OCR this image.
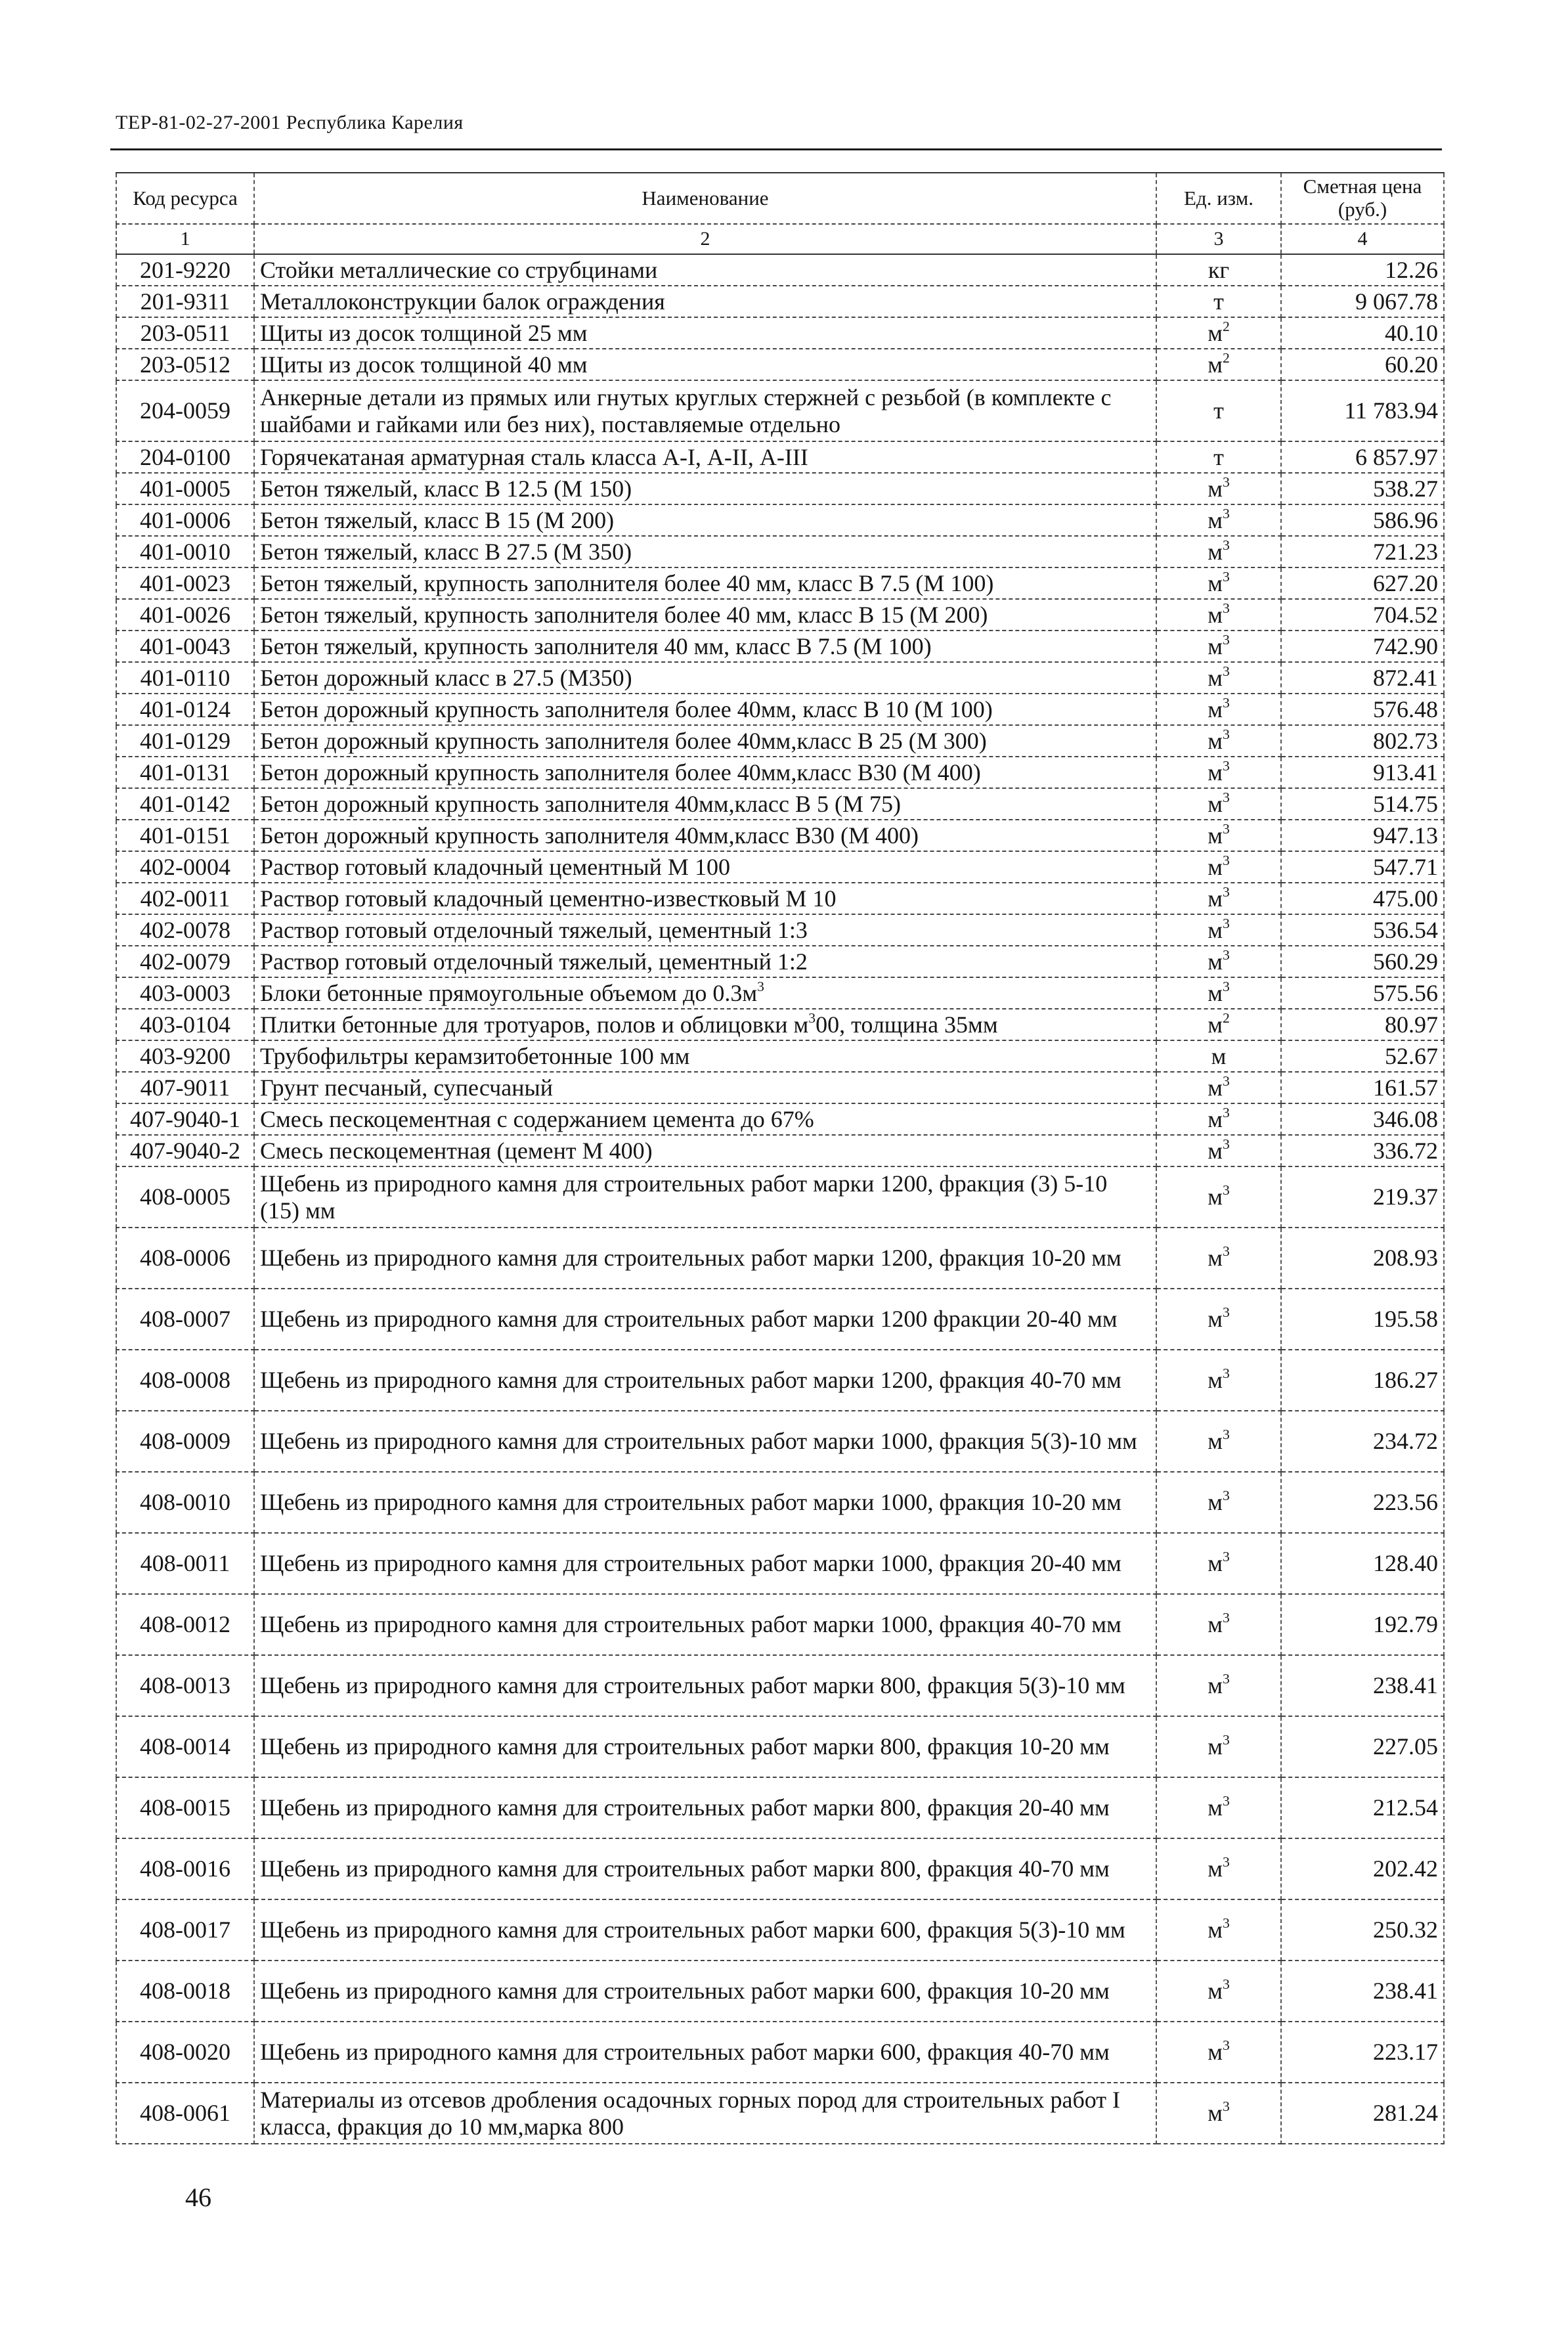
ТЕР-81-02-27-2001 Республика Карелия
Код ресурса	Наименование	Ед. изм.	Сметная цена (руб.)
1	2	3	4
201-9220	Стойки металлические со струбцинами	кг	12.26
201-9311	Металлоконструкции балок ограждения	т	9 067.78
203-0511	Щиты из досок толщиной 25 мм	$м^2$	40.10
203-0512	Щиты из досок толщиной 40 мм	$м^2$	60.20
204-0059	Анкерные детали из прямых или гнутых круглых стержней с резьбой (в комплекте с шайбами и гайками или без них), поставляемые отдельно	т	11 783.94
204-0100	Горячекатаная арматурная сталь класса А-I, А-II, А-III	т	6 857.97
401-0005	Бетон тяжелый, класс В 12.5 (М 150)	$м^3$	538.27
401-0006	Бетон тяжелый, класс В 15 (М 200)	$м^3$	586.96
401-0010	Бетон тяжелый, класс В 27.5 (М 350)	$м^3$	721.23
401-0023	Бетон тяжелый, крупность заполнителя более 40 мм, класс В 7.5 (М 100)	$м^3$	627.20
401-0026	Бетон тяжелый, крупность заполнителя более 40 мм, класс В 15 (М 200)	$м^3$	704.52
401-0043	Бетон тяжелый, крупность заполнителя 40 мм, класс В 7.5 (М 100)	$м^3$	742.90
401-0110	Бетон дорожный класс в 27.5 (М350)	$м^3$	872.41
401-0124	Бетон дорожный крупность заполнителя более 40мм, класс В 10 (М 100)	$м^3$	576.48
401-0129	Бетон дорожный крупность заполнителя более 40мм,класс В 25 (М 300)	$м^3$	802.73
401-0131	Бетон дорожный крупность заполнителя более 40мм,класс В30 (М 400)	$м^3$	913.41
401-0142	Бетон дорожный крупность заполнителя 40мм,класс В 5 (М 75)	$м^3$	514.75
401-0151	Бетон дорожный крупность заполнителя 40мм,класс В30 (М 400)	$м^3$	947.13
402-0004	Раствор готовый кладочный цементный М 100	$м^3$	547.71
402-0011	Раствор готовый кладочный цементно-известковый М 10	$м^3$	475.00
402-0078	Раствор готовый отделочный тяжелый, цементный 1:3	$м^3$	536.54
402-0079	Раствор готовый отделочный тяжелый, цементный 1:2	$м^3$	560.29
403-0003	Блоки бетонные прямоугольные объемом до $0.3м^3$	$м^3$	575.56
403-0104	Плитки бетонные для тротуаров, полов и облицовки $м^300$, толщина 35мм	$м^2$	80.97
403-9200	Трубофильтры керамзитобетонные 100 мм	м	52.67
407-9011	Грунт песчаный, супесчаный	$м^3$	161.57
407-9040-1	Смесь пескоцементная с содержанием цемента до 67%	$м^3$	346.08
407-9040-2	Смесь пескоцементная (цемент М 400)	$м^3$	336.72
408-0005	Щебень из природного камня для строительных работ марки 1200, фракция (3) 5-10 (15) мм	$м^3$	219.37
408-0006	Щебень из природного камня для строительных работ марки 1200, фракция 10-20 мм	$м^3$	208.93
408-0007	Щебень из природного камня для строительных работ марки 1200 фракции 20-40 мм	$м^3$	195.58
408-0008	Щебень из природного камня для строительных работ марки 1200, фракция 40-70 мм	$м^3$	186.27
408-0009	Щебень из природного камня для строительных работ марки 1000, фракция 5(3)-10 мм	$м^3$	234.72
408-0010	Щебень из природного камня для строительных работ марки 1000, фракция 10-20 мм	$м^3$	223.56
408-0011	Щебень из природного камня для строительных работ марки 1000, фракция 20-40 мм	$м^3$	128.40
408-0012	Щебень из природного камня для строительных работ марки 1000, фракция 40-70 мм	$м^3$	192.79
408-0013	Щебень из природного камня для строительных работ марки 800, фракция 5(3)-10 мм	$м^3$	238.41
408-0014	Щебень из природного камня для строительных работ марки 800, фракция 10-20 мм	$м^3$	227.05
408-0015	Щебень из природного камня для строительных работ марки 800, фракция 20-40 мм	$м^3$	212.54
408-0016	Щебень из природного камня для строительных работ марки 800, фракция 40-70 мм	$м^3$	202.42
408-0017	Щебень из природного камня для строительных работ марки 600, фракция 5(3)-10 мм	$м^3$	250.32
408-0018	Щебень из природного камня для строительных работ марки 600, фракция 10-20 мм	$м^3$	238.41
408-0020	Щебень из природного камня для строительных работ марки 600, фракция 40-70 мм	$м^3$	223.17
408-0061	Материалы из отсевов дробления осадочных горных пород для строительных работ I класса, фракция до 10 мм,марка 800	$м^3$	281.24
46
